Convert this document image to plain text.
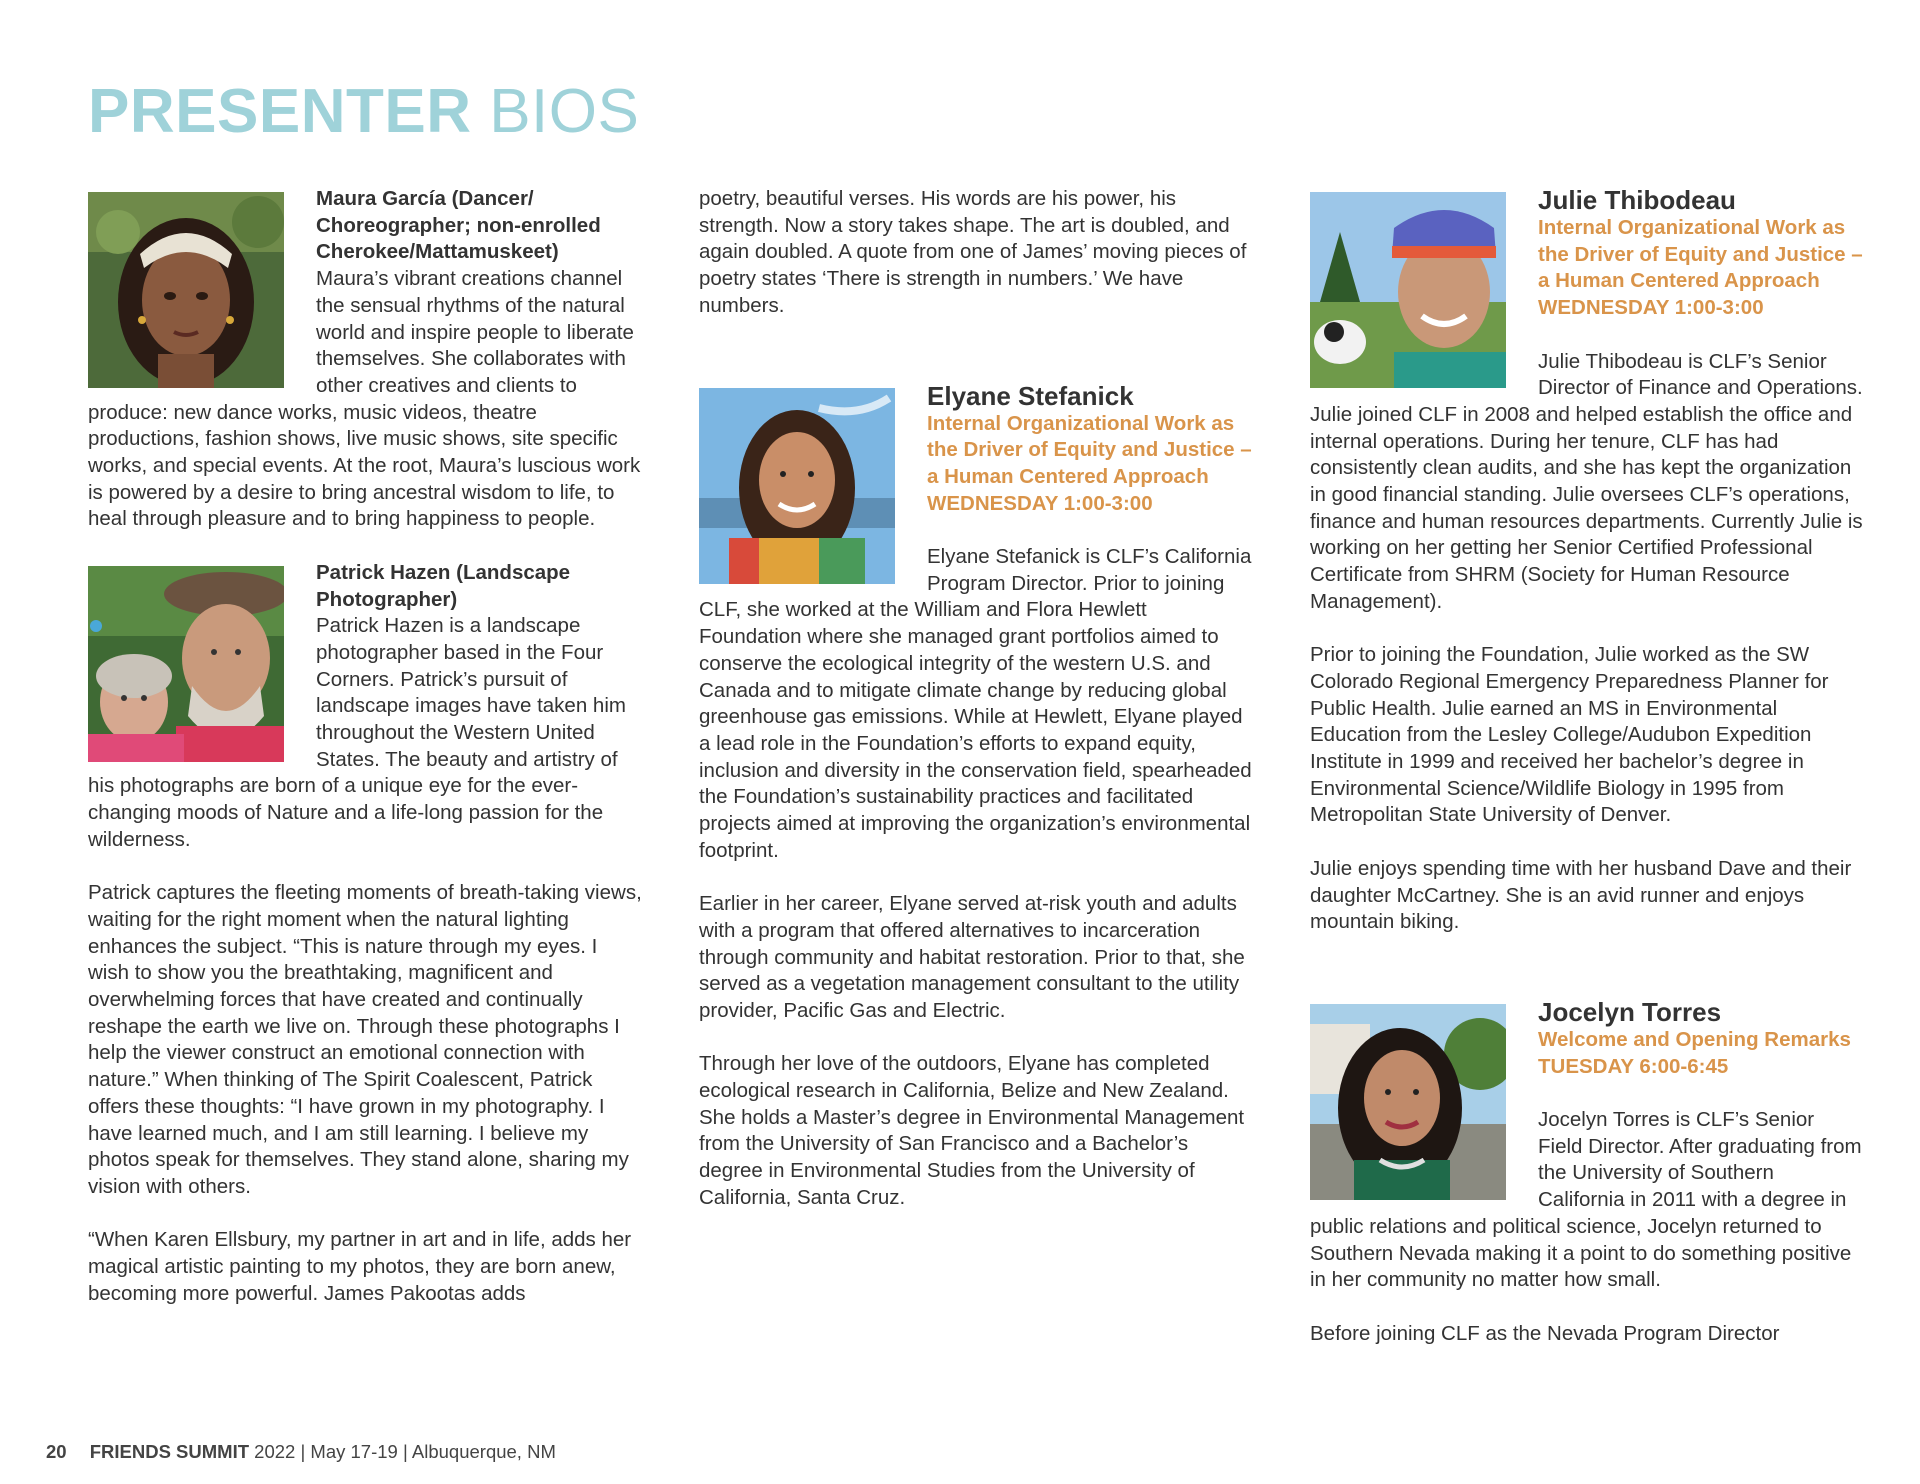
PRESENTER BIOS

Maura García (Dancer/ Choreographer; non-enrolled Cherokee/Mattamuskeet)

Maura’s vibrant creations channel the sensual rhythms of the natural world and inspire people to liberate themselves. She collaborates with other creatives and clients to produce: new dance works, music videos, theatre productions, fashion shows, live music shows, site specific works, and special events. At the root, Maura’s luscious work is powered by a desire to bring ancestral wisdom to life, to heal through pleasure and to bring happiness to people.

Patrick Hazen (Landscape Photographer)

Patrick Hazen is a landscape photographer based in the Four Corners. Patrick’s pursuit of landscape images have taken him throughout the Western United States. The beauty and artistry of his photographs are born of a unique eye for the ever-changing moods of Nature and a life-long passion for the wilderness.

Patrick captures the fleeting moments of breath-taking views, waiting for the right moment when the natural lighting enhances the subject. “This is nature through my eyes. I wish to show you the breathtaking, magnificent and overwhelming forces that have created and continually reshape the earth we live on. Through these photographs I help the viewer construct an emotional connection with nature.” When thinking of The Spirit Coalescent, Patrick offers these thoughts: “I have grown in my photography. I have learned much, and I am still learning. I believe my photos speak for themselves. They stand alone, sharing my vision with others.

“When Karen Ellsbury, my partner in art and in life, adds her magical artistic painting to my photos, they are born anew, becoming more powerful. James Pakootas adds

poetry, beautiful verses. His words are his power, his strength. Now a story takes shape. The art is doubled, and again doubled. A quote from one of James’ moving pieces of poetry states ‘There is strength in numbers.’ We have numbers.

Elyane Stefanick

Internal Organizational Work as the Driver of Equity and Justice – a Human Centered Approach

WEDNESDAY 1:00-3:00

Elyane Stefanick is CLF’s California Program Director. Prior to joining CLF, she worked at the William and Flora Hewlett Foundation where she managed grant portfolios aimed to conserve the ecological integrity of the western U.S. and Canada and to mitigate climate change by reducing global greenhouse gas emissions. While at Hewlett, Elyane played a lead role in the Foundation’s efforts to expand equity, inclusion and diversity in the conservation field, spearheaded the Foundation’s sustainability practices and facilitated projects aimed at improving the organization’s environmental footprint.

Earlier in her career, Elyane served at-risk youth and adults with a program that offered alternatives to incarceration through community and habitat restoration. Prior to that, she served as a vegetation management consultant to the utility provider, Pacific Gas and Electric.

Through her love of the outdoors, Elyane has completed ecological research in California, Belize and New Zealand. She holds a Master’s degree in Environmental Management from the University of San Francisco and a Bachelor’s degree in Environmental Studies from the University of California, Santa Cruz.

Julie Thibodeau

Internal Organizational Work as the Driver of Equity and Justice – a Human Centered Approach

WEDNESDAY 1:00-3:00

Julie Thibodeau is CLF’s Senior Director of Finance and Operations. Julie joined CLF in 2008 and helped establish the office and internal operations. During her tenure, CLF has had consistently clean audits, and she has kept the organization in good financial standing. Julie oversees CLF’s operations, finance and human resources departments. Currently Julie is working on her getting her Senior Certified Professional Certificate from SHRM (Society for Human Resource Management).

Prior to joining the Foundation, Julie worked as the SW Colorado Regional Emergency Preparedness Planner for Public Health. Julie earned an MS in Environmental Education from the Lesley College/Audubon Expedition Institute in 1999 and received her bachelor’s degree in Environmental Science/Wildlife Biology in 1995 from Metropolitan State University of Denver.

Julie enjoys spending time with her husband Dave and their daughter McCartney. She is an avid runner and enjoys mountain biking.

Jocelyn Torres

Welcome and Opening Remarks

TUESDAY 6:00-6:45

Jocelyn Torres is CLF’s Senior Field Director. After graduating from the University of Southern California in 2011 with a degree in public relations and political science, Jocelyn returned to Southern Nevada making it a point to do something positive in her community no matter how small.

Before joining CLF as the Nevada Program Director

20 FRIENDS SUMMIT 2022 | May 17-19 | Albuquerque, NM
